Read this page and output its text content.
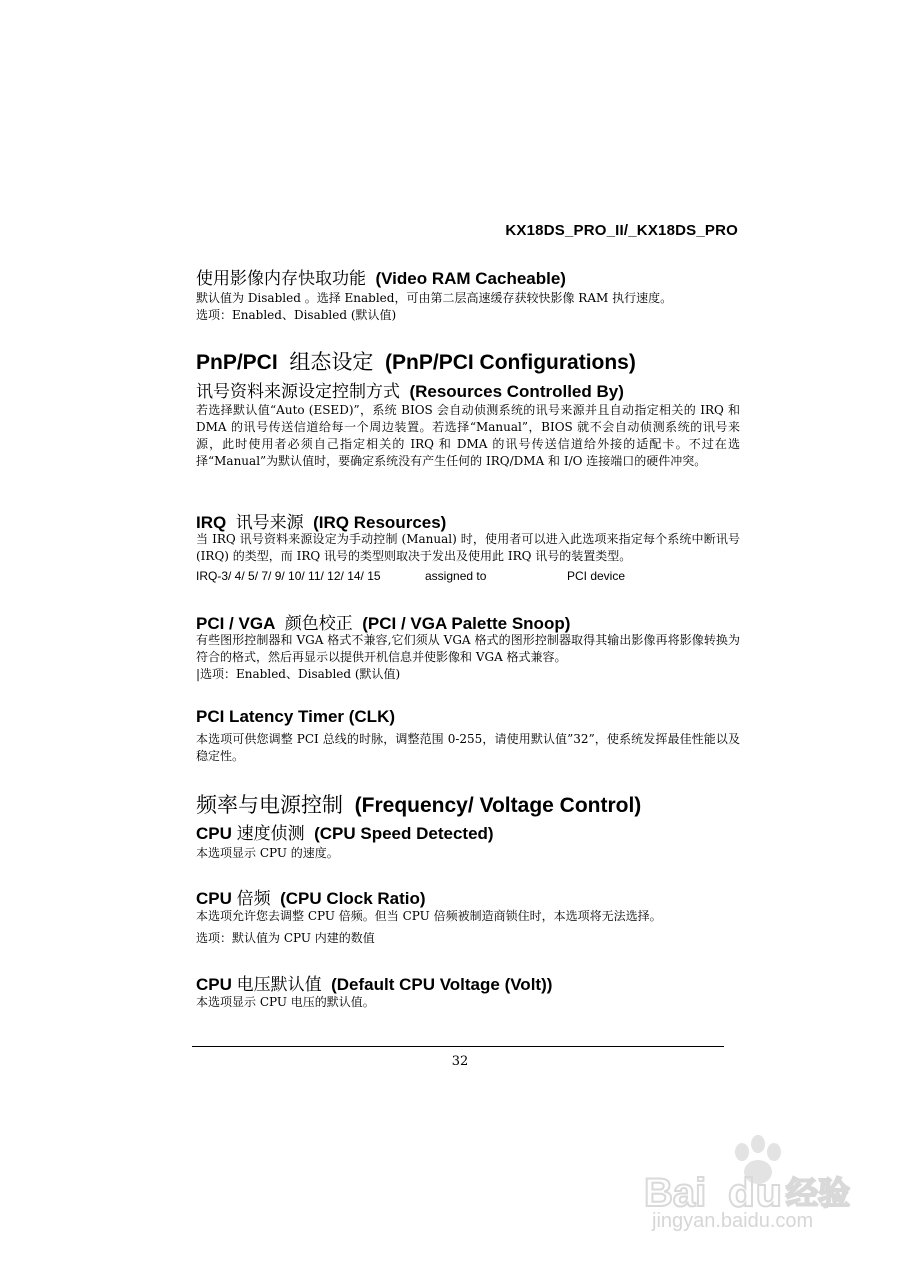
KX18DS_PRO_II/_KX18DS_PRO
使用影像内存快取功能 (Video RAM Cacheable)
默认值为 Disabled 。选择 Enabled，可由第二层高速缓存获较快影像 RAM 执行速度。
选项：Enabled、Disabled (默认值)
PnP/PCI 组态设定 (PnP/PCI Configurations)
讯号资料来源设定控制方式 (Resources Controlled By)
若选择默认值“Auto (ESED)”，系统 BIOS 会自动侦测系统的讯号来源并且自动指定相关的 IRQ 和 DMA 的讯号传送信道给每一个周边装置。若选择“Manual”，BIOS 就不会自动侦测系统的讯号来源，此时使用者必须自己指定相关的 IRQ 和 DMA 的讯号传送信道给外接的适配卡。不过在选择“Manual”为默认值时，要确定系统没有产生任何的 IRQ/DMA 和 I/O 连接端口的硬件冲突。
IRQ 讯号来源 (IRQ Resources)
当 IRQ 讯号资料来源设定为手动控制 (Manual) 时，使用者可以进入此选项来指定每个系统中断讯号 (IRQ) 的类型，而 IRQ 讯号的类型则取决于发出及使用此 IRQ 讯号的装置类型。
IRQ-3/ 4/ 5/ 7/ 9/ 10/ 11/ 12/ 14/ 15	assigned to	PCI device
PCI / VGA 颜色校正 (PCI / VGA Palette Snoop)
有些图形控制器和 VGA 格式不兼容,它们须从 VGA 格式的图形控制器取得其输出影像再将影像转换为符合的格式，然后再显示以提供开机信息并使影像和 VGA 格式兼容。
|选项：Enabled、Disabled (默认值)
PCI Latency Timer (CLK)
本选项可供您调整 PCI 总线的时脉，调整范围 0-255，请使用默认值”32”，使系统发挥最佳性能以及稳定性。
频率与电源控制 (Frequency/ Voltage Control)
CPU 速度侦测 (CPU Speed Detected)
本选项显示 CPU 的速度。
CPU 倍频 (CPU Clock Ratio)
本选项允许您去调整 CPU 倍频。但当 CPU 倍频被制造商锁住时，本选项将无法选择。
选项：默认值为 CPU 内建的数值
CPU 电压默认值 (Default CPU Voltage (Volt))
本选项显示 CPU 电压的默认值。
32
Bai du 经验
jingyan.baidu.com
